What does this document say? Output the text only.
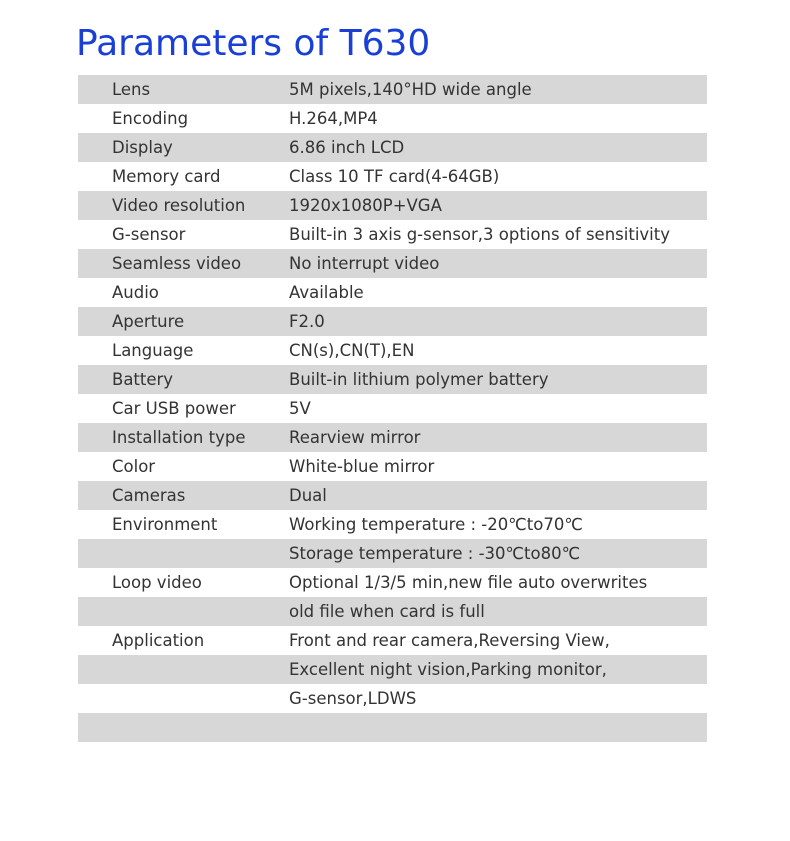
Parameters of T630
Lens	5M pixels,140°HD wide angle
Encoding	H.264,MP4
Display	6.86 inch LCD
Memory card	Class 10 TF card(4-64GB)
Video resolution	1920x1080P+VGA
G-sensor	Built-in 3 axis g-sensor,3 options of sensitivity
Seamless video	No interrupt video
Audio	Available
Aperture	F2.0
Language	CN(s),CN(T),EN
Battery	Built-in lithium polymer battery
Car USB power	5V
Installation type	Rearview mirror
Color	White-blue mirror
Cameras	Dual
Environment	Working temperature : -20℃to70℃
Storage temperature : -30℃to80℃
Loop video	Optional 1/3/5 min,new file auto overwrites
old file when card is full
Application	Front and rear camera,Reversing View,
Excellent night vision,Parking monitor,
G-sensor,LDWS
